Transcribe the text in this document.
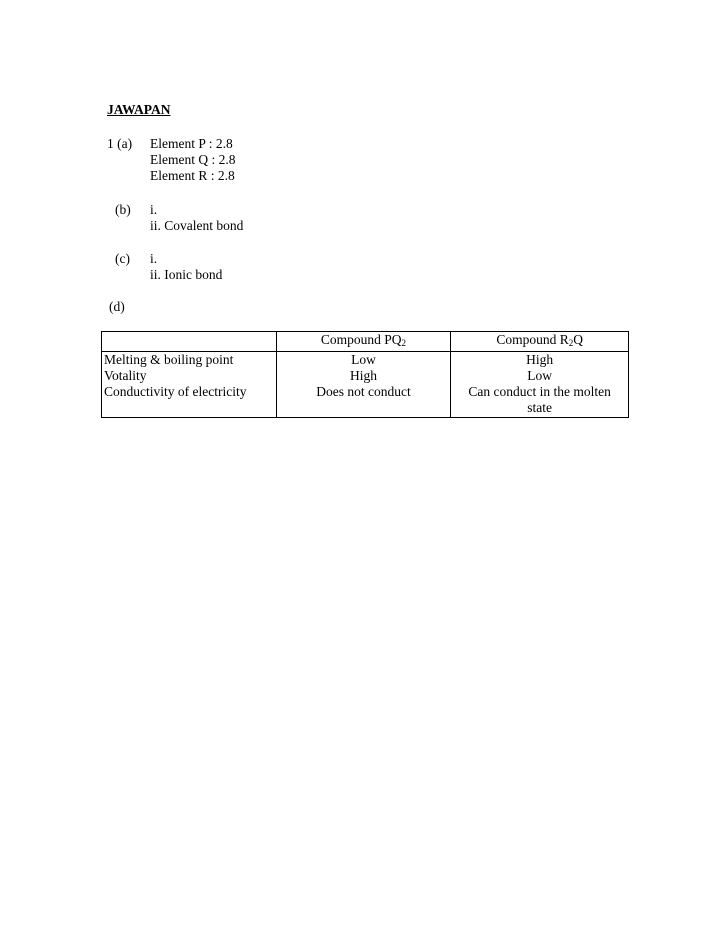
JAWAPAN
1 (a) Element P : 2.8
Element Q : 2.8
Element R : 2.8
(b) i.
ii. Covalent bond
(c) i.
ii. Ionic bond
(d)
	Compound $PQ_2$	Compound $R_2Q$
Melting & boiling point	Low	High
Votality	High	Low
Conductivity of electricity	Does not conduct	Can conduct in the molten
state
